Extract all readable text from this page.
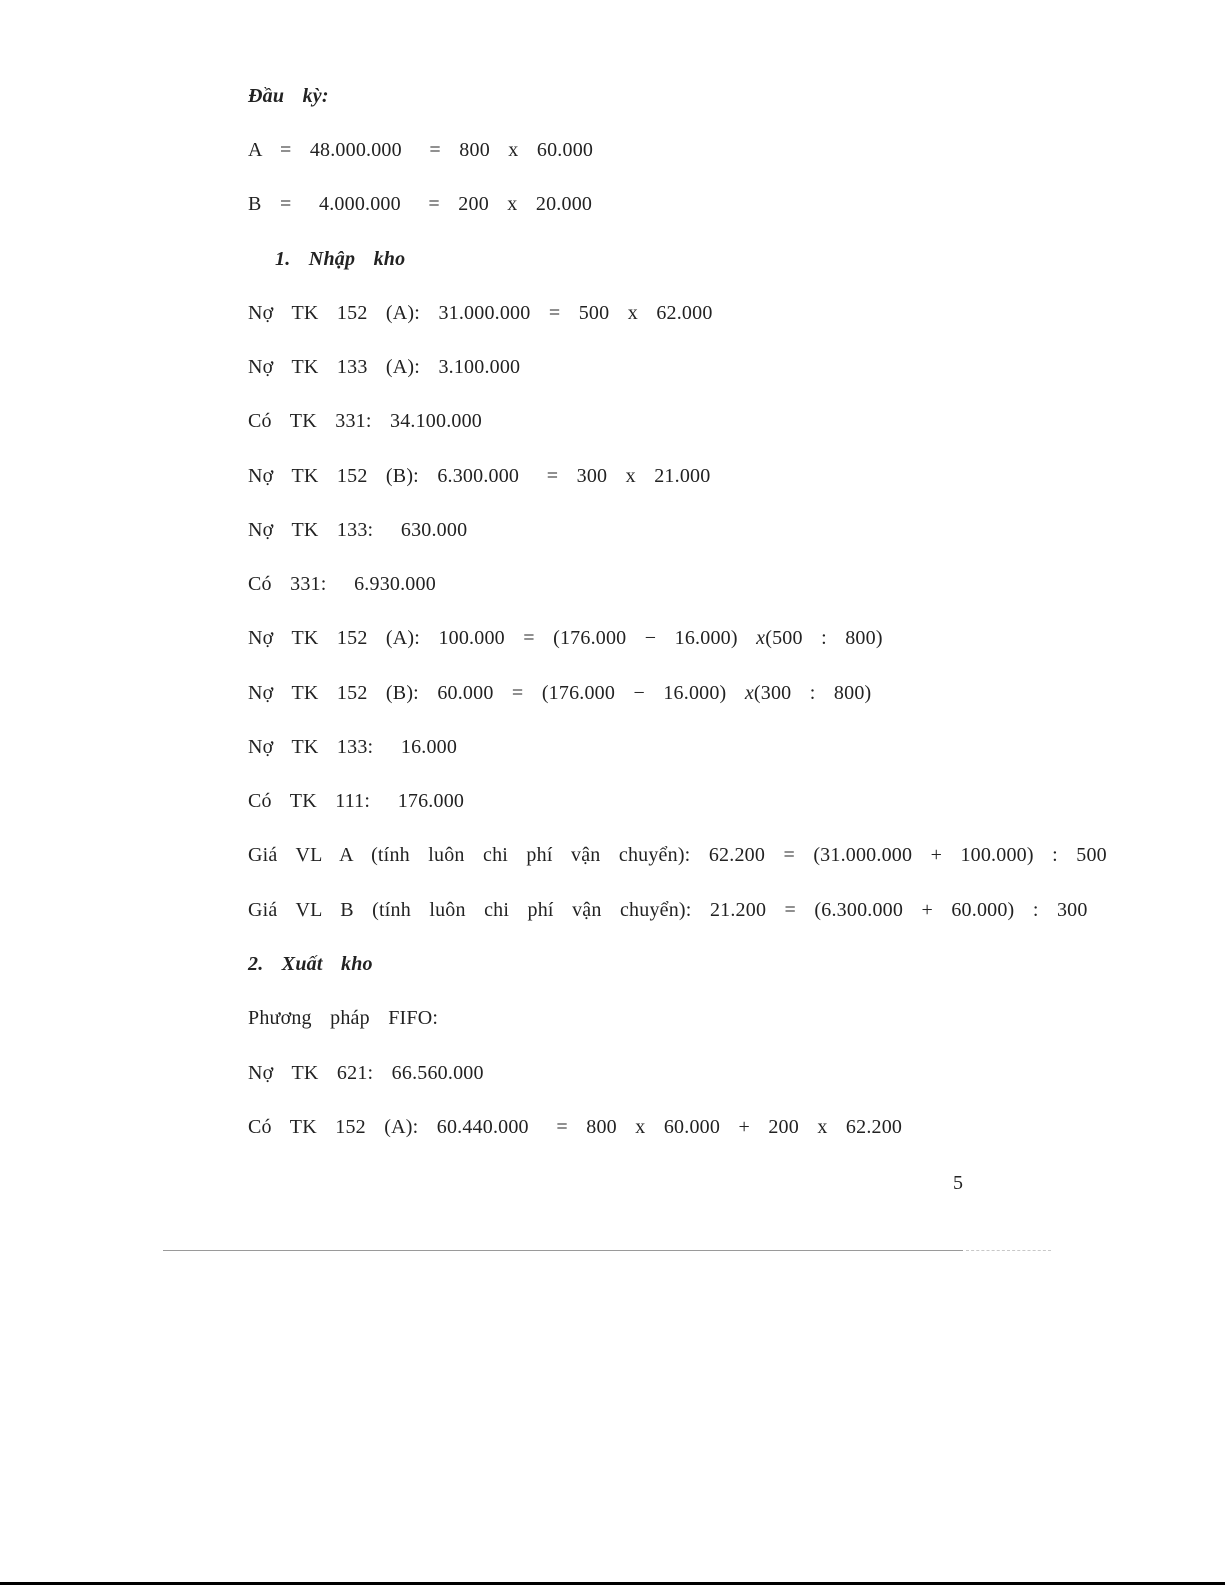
Đầu  kỳ:
A  =  48.000.000   =  800  x  60.000
B  =   4.000.000   =  200  x  20.000
1.  Nhập  kho
Nợ  TK  152  (A):  31.000.000  =  500  x  62.000
Nợ  TK  133  (A):  3.100.000
Có  TK  331:  34.100.000
Nợ  TK  152  (B):  6.300.000   =  300  x  21.000
Nợ  TK  133:   630.000
Có  331:   6.930.000
Nợ  TK  152  (A):  100.000  =  (176.000  −  16.000)  x(500  :  800)
Nợ  TK  152  (B):  60.000  =  (176.000  −  16.000)  x(300  :  800)
Nợ  TK  133:   16.000
Có  TK  111:   176.000
Giá  VL  A  (tính  luôn  chi  phí  vận  chuyển):  62.200  =  (31.000.000  +  100.000)  :  500
Giá  VL  B  (tính  luôn  chi  phí  vận  chuyển):  21.200  =  (6.300.000  +  60.000)  :  300
2.  Xuất  kho
Phương  pháp  FIFO:
Nợ  TK  621:  66.560.000
Có  TK  152  (A):  60.440.000   =  800  x  60.000  +  200  x  62.200
5
